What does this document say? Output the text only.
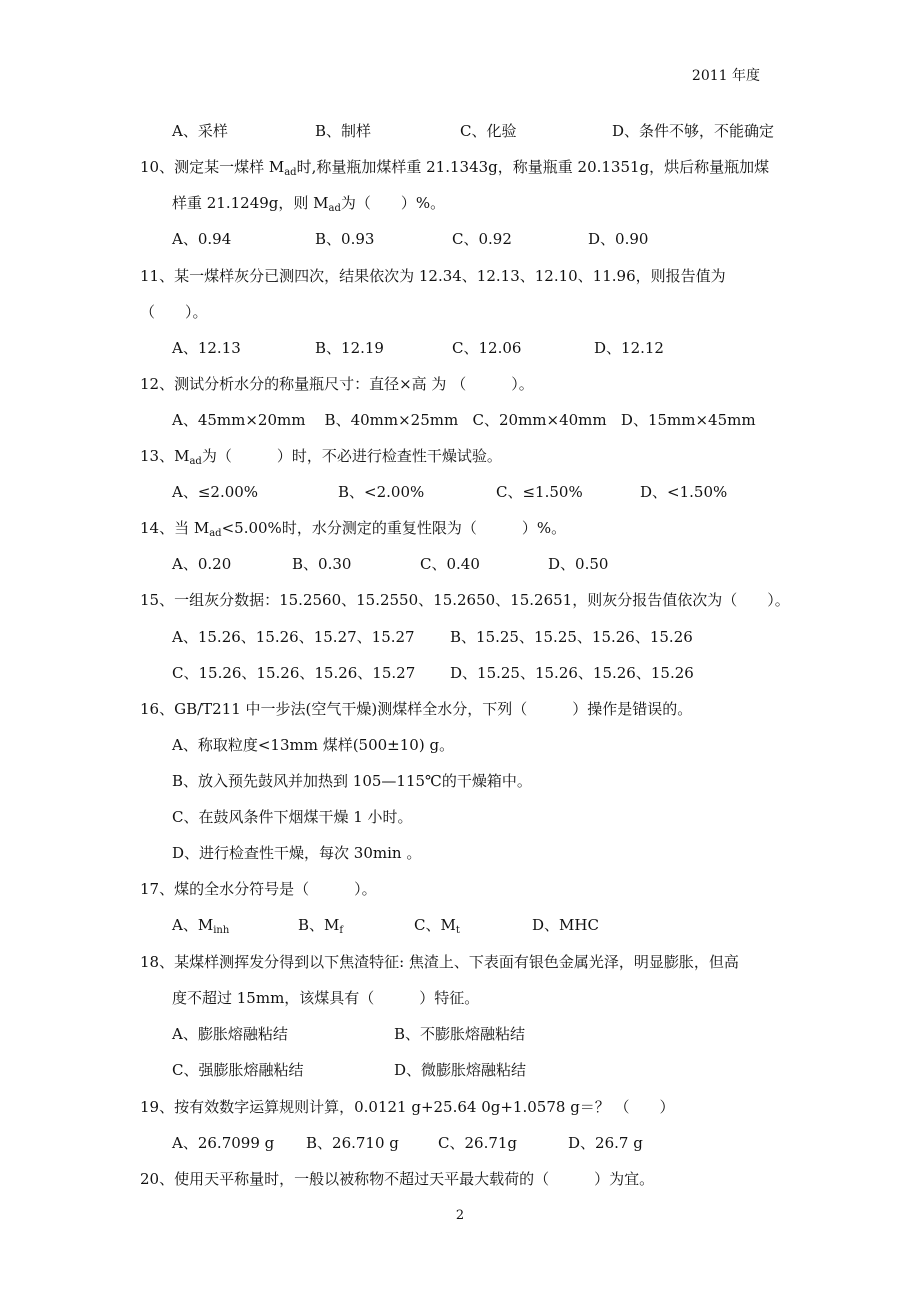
2011 年度
2
A、采样	B、制样	C、化验	D、条件不够，不能确定
10、测定某一煤样 $M_{ad}$时,称量瓶加煤样重 21.1343g，称量瓶重 20.1351g，烘后称量瓶加煤
样重 21.1249g，则 $M_{ad}$为（　　）%。
A、0.94	B、0.93	C、0.92	D、0.90
11、某一煤样灰分已测四次，结果依次为 12.34、12.13、12.10、11.96，则报告值为
（　　）。
A、12.13	B、12.19	C、12.06	D、12.12
12、测试分析水分的称量瓶尺寸：直径×高 为 （　　　）。
A、45mm×20mm    B、40mm×25mm   C、20mm×40mm   D、15mm×45mm
13、$M_{ad}$为（　　　）时，不必进行检查性干燥试验。
A、≤2.00%	B、<2.00%	C、≤1.50%	D、<1.50%
14、当 $M_{ad}<5.00\%$时，水分测定的重复性限为（　　　）%。
A、0.20	B、0.30	C、0.40	D、0.50
15、一组灰分数据：15.2560、15.2550、15.2650、15.2651，则灰分报告值依次为（　　）。
A、15.26、15.26、15.27、15.27 B、15.25、15.25、15.26、15.26
C、15.26、15.26、15.26、15.27 D、15.25、15.26、15.26、15.26
16、GB/T211 中一步法(空气干燥)测煤样全水分，下列（　　　）操作是错误的。
A、称取粒度<13mm 煤样(500±10) g。
B、放入预先鼓风并加热到 105—115℃的干燥箱中。
C、在鼓风条件下烟煤干燥 1 小时。
D、进行检查性干燥，每次 30min 。
17、煤的全水分符号是（　　　）。
A、$M_{inh}$	B、$M_f$	C、$M_t$	D、MHC
18、某煤样测挥发分得到以下焦渣特征: 焦渣上、下表面有银色金属光泽，明显膨胀，但高
度不超过 15mm，该煤具有（　　　）特征。
A、膨胀熔融粘结	B、不膨胀熔融粘结
C、强膨胀熔融粘结	D、微膨胀熔融粘结
19、按有效数字运算规则计算，0.0121 g+25.64 0g+1.0578 g＝？ （　　）
A、26.7099 g B、26.710 g	C、26.71g	D、26.7 g
20、使用天平称量时，一般以被称物不超过天平最大载荷的（　　　）为宜。
